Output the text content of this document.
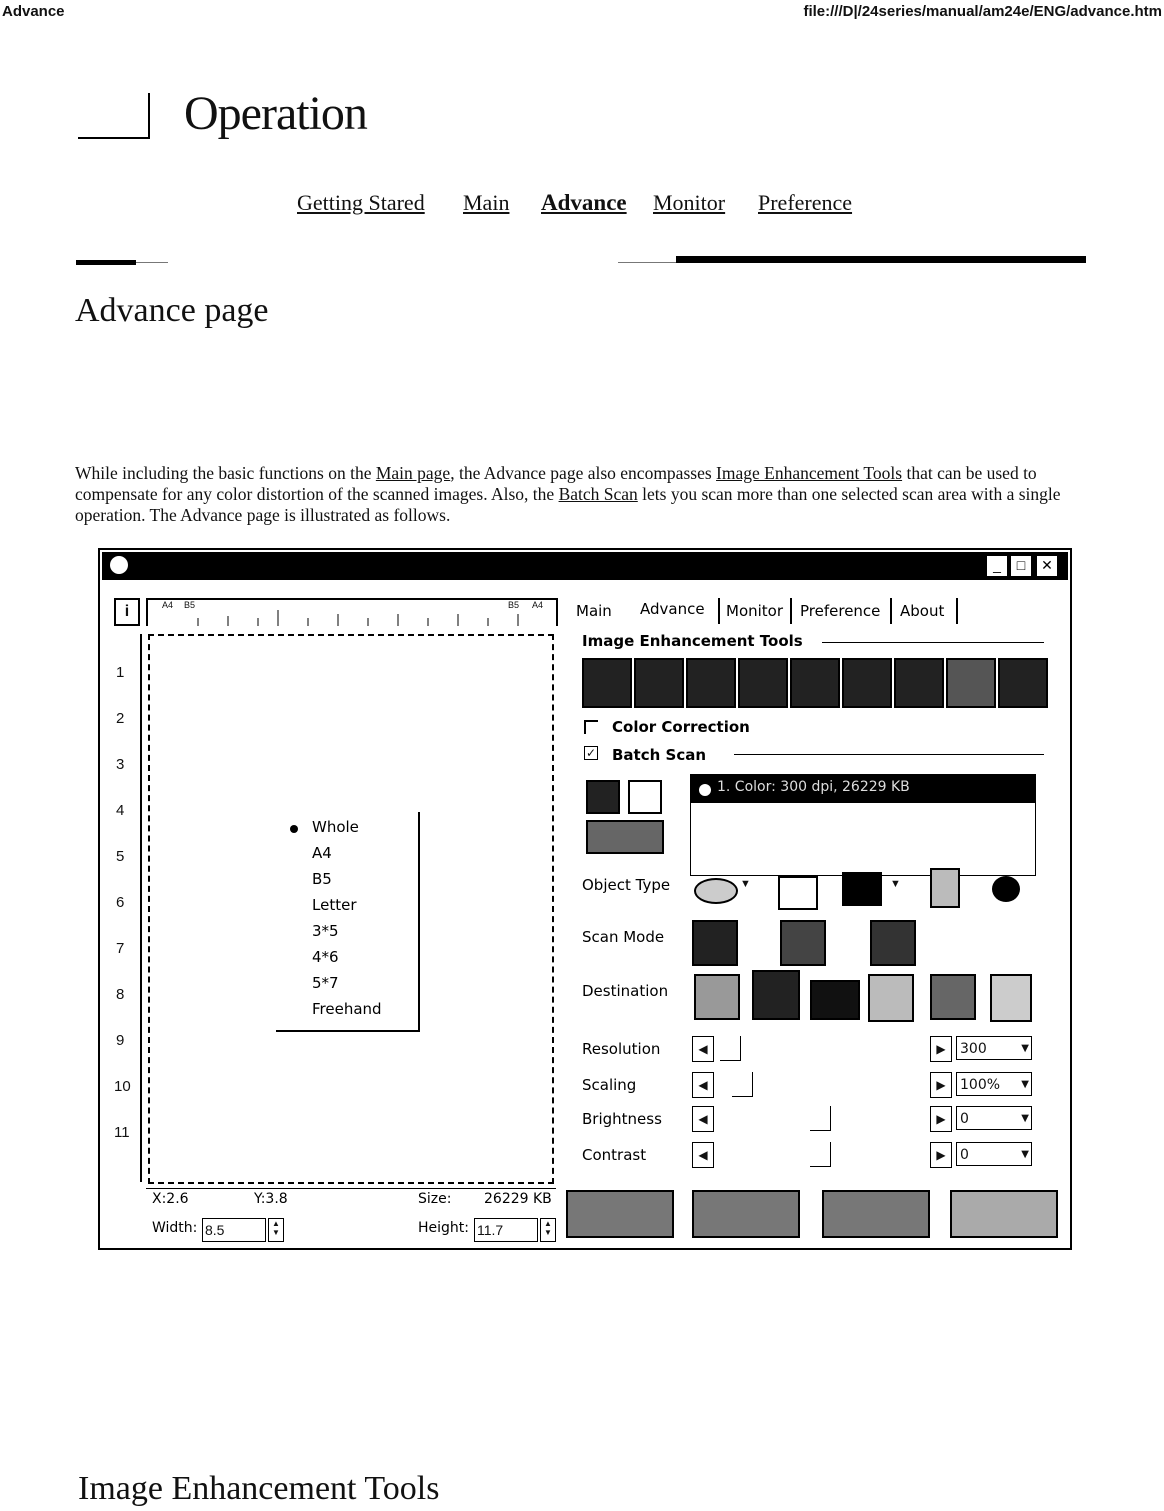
Advance	file:///D|/24series/manual/am24e/ENG/advance.htm
Operation
Getting Stared Main Advance Monitor Preference
Advance page

While including the basic functions on the Main page, the Advance page also encompasses Image Enhancement Tools that can be used to compensate for any color distortion of the scanned images. Also, the Batch Scan lets you scan more than one selected scan area with a single operation. The Advance page is illustrated as follows.

_	□	✕
i	A4 B5	B5 A4
1
2
3
4
5
6
7
8
9
10
11
Whole
A4
B5
Letter
3*5
4*6
5*7
Freehand
X:2.6	Y:3.8	Size: 26229 KB
Width: 8.5	▲
▼	Height: 11.7	▲
▼
Main Advance Monitor Preference About
Image Enhancement Tools
Color Correction
✓ Batch Scan
1. Color: 300 dpi, 26229 KB
Object Type	▼	▼
Scan Mode
Destination
Resolution	◀	▶	300	▼
Scaling	◀	▶	100% ▼
Brightness	◀	▶	0	▼
Contrast	◀	▶	0	▼
Image Enhancement Tools
